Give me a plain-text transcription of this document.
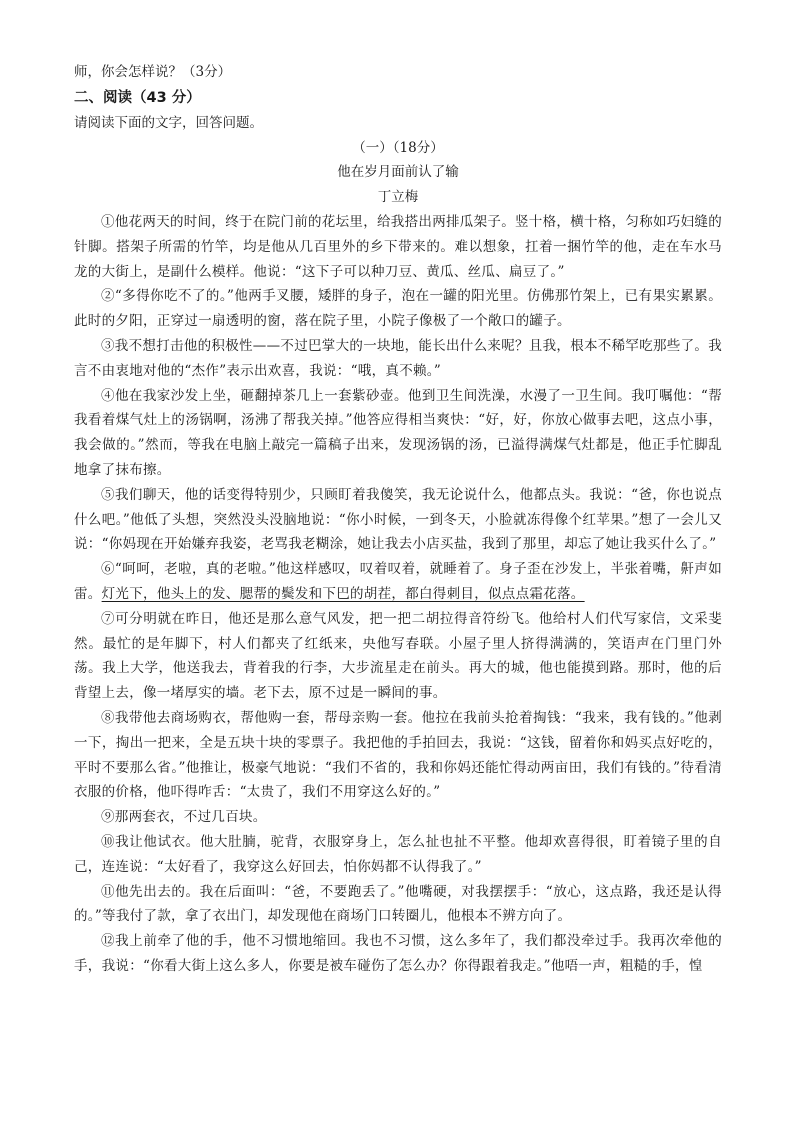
师，你会怎样说？（3分）

二、阅读（43 分）

请阅读下面的文字，回答问题。

（一）（18分）

他在岁月面前认了输

丁立梅

①他花两天的时间，终于在院门前的花坛里，给我搭出两排瓜架子。竖十格，横十格，匀称如巧妇缝的针脚。搭架子所需的竹竿，均是他从几百里外的乡下带来的。难以想象，扛着一捆竹竿的他，走在车水马龙的大街上，是副什么模样。他说：“这下子可以种刀豆、黄瓜、丝瓜、扁豆了。”

②“多得你吃不了的。”他两手叉腰，矮胖的身子，泡在一罐的阳光里。仿佛那竹架上，已有果实累累。此时的夕阳，正穿过一扇透明的窗，落在院子里，小院子像极了一个敞口的罐子。

③我不想打击他的积极性——不过巴掌大的一块地，能长出什么来呢？且我，根本不稀罕吃那些了。我言不由衷地对他的“杰作”表示出欢喜，我说：“哦，真不赖。”

④他在我家沙发上坐，砸翻掉茶几上一套紫砂壶。他到卫生间洗澡，水漫了一卫生间。我叮嘱他：“帮我看着煤气灶上的汤锅啊，汤沸了帮我关掉。”他答应得相当爽快：“好，好，你放心做事去吧，这点小事，我会做的。”然而，等我在电脑上敲完一篇稿子出来，发现汤锅的汤，已溢得满煤气灶都是，他正手忙脚乱地拿了抹布擦。

⑤我们聊天，他的话变得特别少，只顾盯着我傻笑，我无论说什么，他都点头。我说：“爸，你也说点什么吧。”他低了头想，突然没头没脑地说：“你小时候，一到冬天，小脸就冻得像个红苹果。”想了一会儿又说：“你妈现在开始嫌弃我姿，老骂我老糊涂，她让我去小店买盐，我到了那里，却忘了她让我买什么了。”

⑥“呵呵，老啦，真的老啦。”他这样感叹，叹着叹着，就睡着了。身子歪在沙发上，半张着嘴，鼾声如雷。灯光下，他头上的发、腮帮的鬓发和下巴的胡茬，都白得刺目，似点点霜花落。

⑦可分明就在昨日，他还是那么意气风发，把一把二胡拉得音符纷飞。他给村人们代写家信，文采斐然。最忙的是年脚下，村人们都夹了红纸来，央他写春联。小屋子里人挤得满满的，笑语声在门里门外荡。我上大学，他送我去，背着我的行李，大步流星走在前头。再大的城，他也能摸到路。那时，他的后背望上去，像一堵厚实的墙。老下去，原不过是一瞬间的事。

⑧我带他去商场购衣，帮他购一套，帮母亲购一套。他拉在我前头抢着掏钱：“我来，我有钱的。”他剥一下，掏出一把来，全是五块十块的零票子。我把他的手拍回去，我说：“这钱，留着你和妈买点好吃的，平时不要那么省。”他推让，极豪气地说：“我们不省的，我和你妈还能忙得动两亩田，我们有钱的。”待看清衣服的价格，他吓得咋舌：“太贵了，我们不用穿这么好的。”

⑨那两套衣，不过几百块。

⑩我让他试衣。他大肚腩，驼背，衣服穿身上，怎么扯也扯不平整。他却欢喜得很，盯着镜子里的自己，连连说：“太好看了，我穿这么好回去，怕你妈都不认得我了。”

⑪他先出去的。我在后面叫：“爸，不要跑丢了。”他嘴硬，对我摆摆手：“放心，这点路，我还是认得的。”等我付了款，拿了衣出门，却发现他在商场门口转圈儿，他根本不辨方向了。

⑫我上前牵了他的手，他不习惯地缩回。我也不习惯，这么多年了，我们都没牵过手。我再次牵他的手，我说：“你看大街上这么多人，你要是被车碰伤了怎么办？你得跟着我走。”他唔一声，粗糙的手，惶
